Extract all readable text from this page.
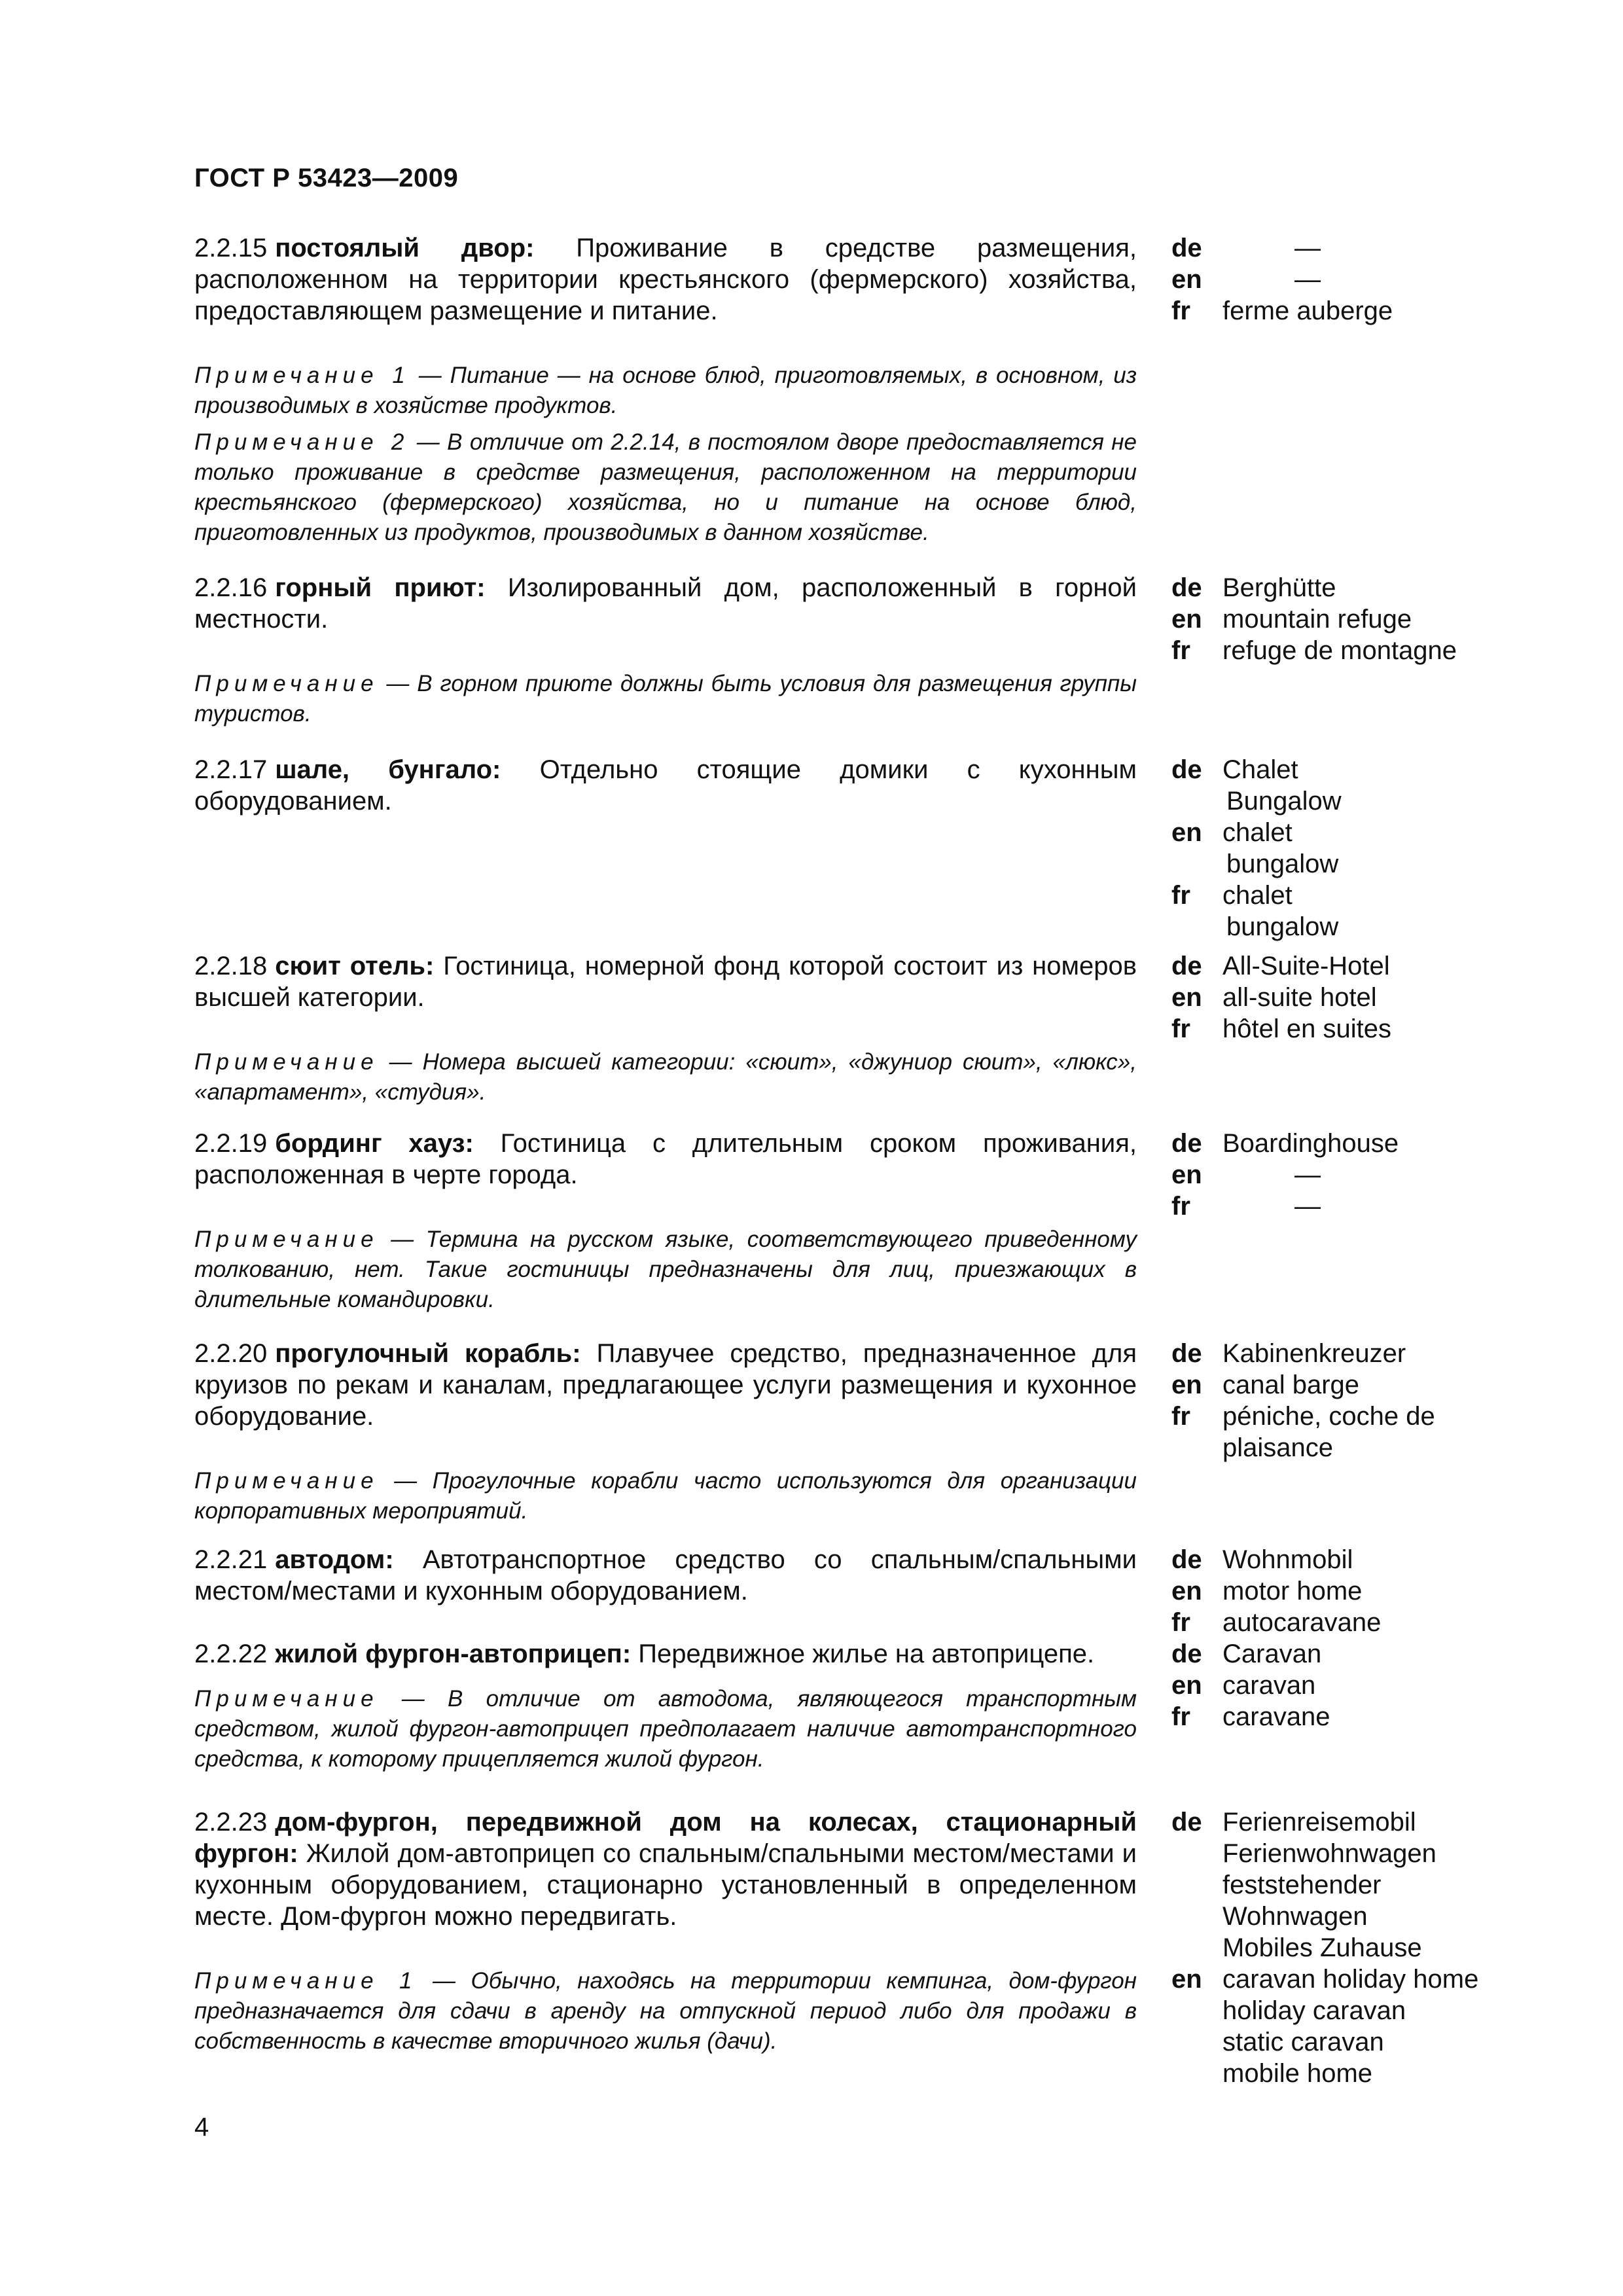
ГОСТ Р 53423—2009
2.2.15 постоялый двор: Проживание в средстве размещения, расположенном на территории крестьянского (фермерского) хозяйства, предоставляющем размещение и питание.
Примечание 1 — Питание — на основе блюд, приготовляемых, в основном, из производимых в хозяйстве продуктов.
Примечание 2 — В отличие от 2.2.14, в постоялом дворе предоставляется не только проживание в средстве размещения, расположенном на территории крестьянского (фермерского) хозяйства, но и питание на основе блюд, приготовленных из продуктов, производимых в данном хозяйстве.
de	—
en	—
fr ferme auberge
2.2.16 горный приют: Изолированный дом, расположенный в горной местности.
Примечание — В горном приюте должны быть условия для размещения группы туристов.
de Berghütte
en mountain refuge
fr refuge de montagne
2.2.17 шале, бунгало: Отдельно стоящие домики с кухонным оборудованием.
de Chalet
Bungalow
en chalet
bungalow
fr chalet
bungalow
2.2.18 сюит отель: Гостиница, номерной фонд которой состоит из номеров высшей категории.
Примечание — Номера высшей категории: «сюит», «джуниор сюит», «люкс», «апартамент», «студия».
de All-Suite-Hotel
en all-suite hotel
fr hôtel en suites
2.2.19 бординг хауз: Гостиница с длительным сроком проживания, расположенная в черте города.
Примечание — Термина на русском языке, соответствующего приведенному толкованию, нет. Такие гостиницы предназначены для лиц, приезжающих в длительные командировки.
de Boardinghouse
en	—
fr	—
2.2.20 прогулочный корабль: Плавучее средство, предназначенное для круизов по рекам и каналам, предлагающее услуги размещения и кухонное оборудование.
Примечание — Прогулочные корабли часто используются для организации корпоративных мероприятий.
de Kabinenkreuzer
en canal barge
fr péniche, coche de plaisance
2.2.21 автодом: Автотранспортное средство со спальным/спальными местом/местами и кухонным оборудованием.
de Wohnmobil
en motor home
fr autocaravane
2.2.22 жилой фургон-автоприцеп: Передвижное жилье на автоприцепе.
Примечание — В отличие от автодома, являющегося транспортным средством, жилой фургон-автоприцеп предполагает наличие автотранспортного средства, к которому прицепляется жилой фургон.
de Caravan
en caravan
fr caravane
2.2.23 дом-фургон, передвижной дом на колесах, стационарный фургон: Жилой дом-автоприцеп со спальным/спальными местом/местами и кухонным оборудованием, стационарно установленный в определенном месте. Дом-фургон можно передвигать.
Примечание 1 — Обычно, находясь на территории кемпинга, дом-фургон предназначается для сдачи в аренду на отпускной период либо для продажи в собственность в качестве вторичного жилья (дачи).
de Ferienreisemobil
Ferienwohnwagen
feststehender Wohnwagen
Mobiles Zuhause
en caravan holiday home
holiday caravan
static caravan
mobile home
4
